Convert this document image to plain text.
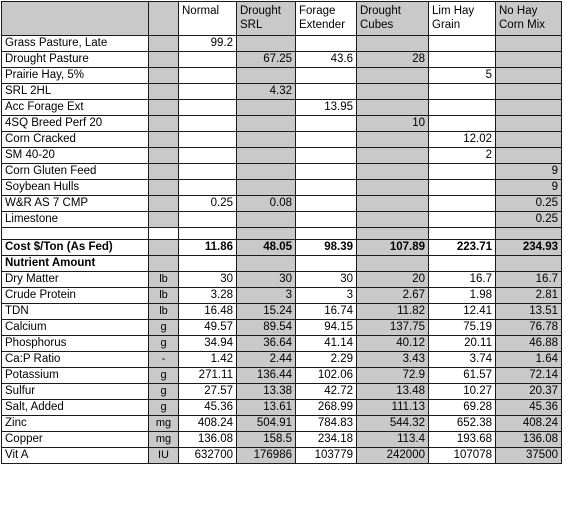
		Normal	Drought SRL	Forage Extender	Drought Cubes	Lim Hay Grain	No Hay Corn Mix
Grass Pasture, Late		99.2					
Drought Pasture			67.25	43.6	28		
Prairie Hay, 5%						5	
SRL 2HL			4.32				
Acc Forage Ext				13.95			
4SQ Breed Perf 20					10		
Corn Cracked						12.02	
SM 40-20						2	
Corn Gluten Feed							9
Soybean Hulls							9
W&R AS 7 CMP		0.25	0.08				0.25
Limestone							0.25

Cost $/Ton (As Fed)		11.86	48.05	98.39	107.89	223.71	234.93
Nutrient Amount							
Dry Matter	lb	30	30	30	20	16.7	16.7
Crude Protein	lb	3.28	3	3	2.67	1.98	2.81
TDN	lb	16.48	15.24	16.74	11.82	12.41	13.51
Calcium	g	49.57	89.54	94.15	137.75	75.19	76.78
Phosphorus	g	34.94	36.64	41.14	40.12	20.11	46.88
Ca:P Ratio	-	1.42	2.44	2.29	3.43	3.74	1.64
Potassium	g	271.11	136.44	102.06	72.9	61.57	72.14
Sulfur	g	27.57	13.38	42.72	13.48	10.27	20.37
Salt, Added	g	45.36	13.61	268.99	111.13	69.28	45.36
Zinc	mg	408.24	504.91	784.83	544.32	652.38	408.24
Copper	mg	136.08	158.5	234.18	113.4	193.68	136.08
Vit A	IU	632700	176986	103779	242000	107078	37500
